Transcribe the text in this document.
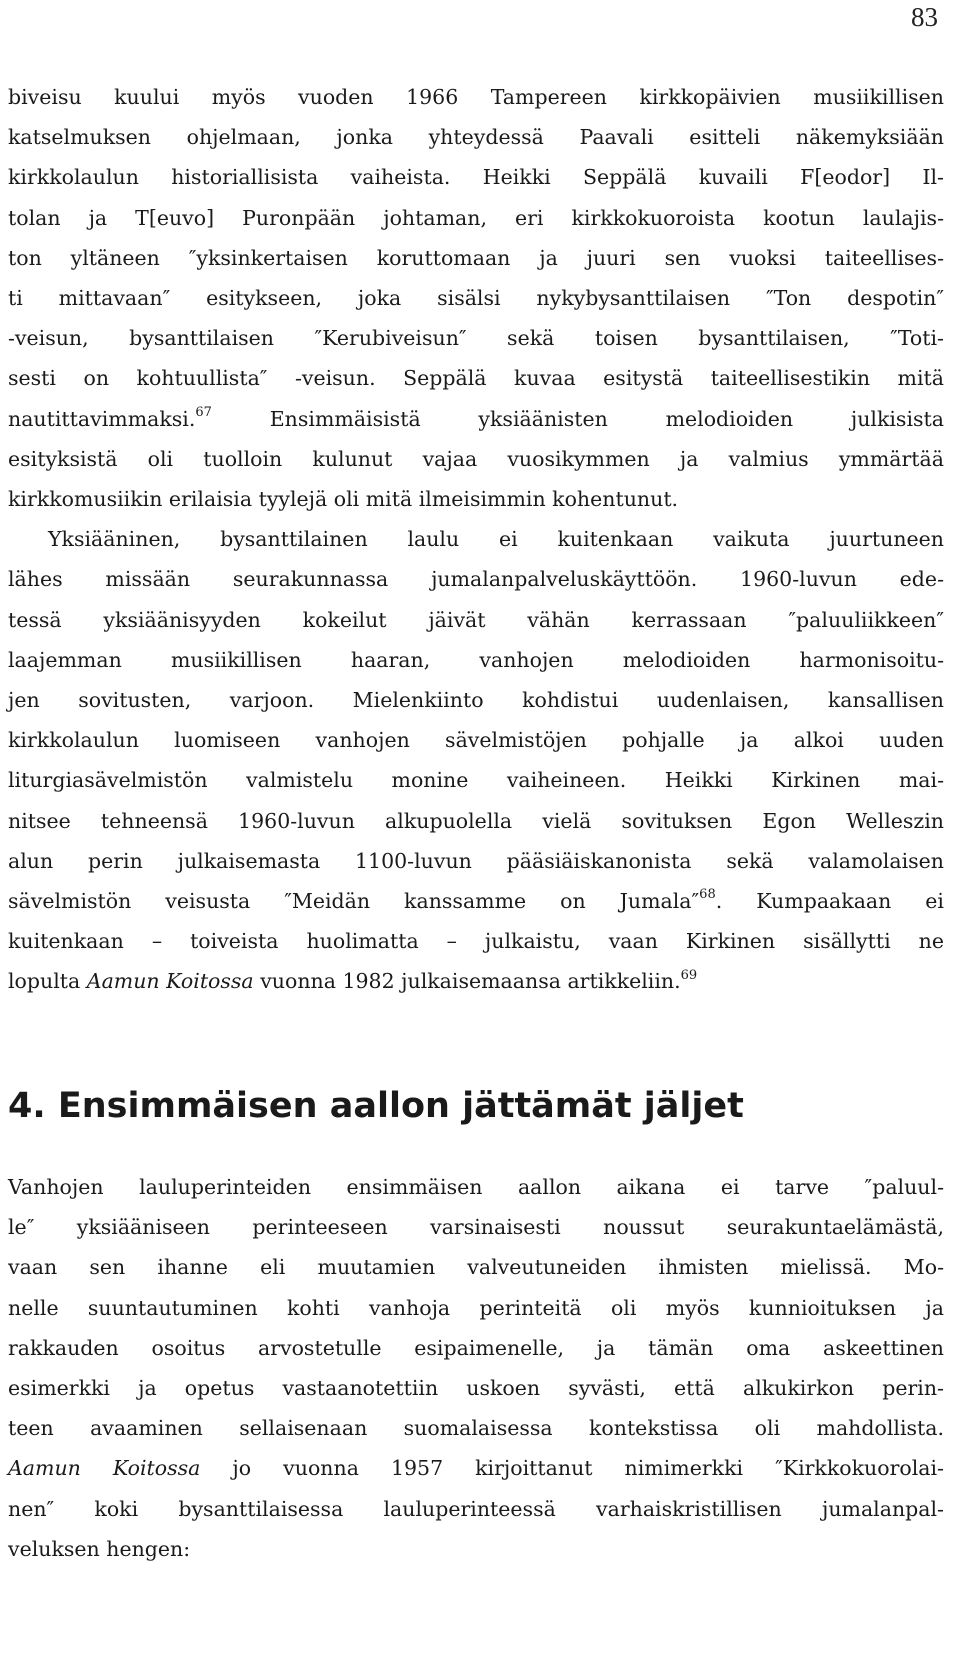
83

biveisu kuului myös vuoden 1966 Tampereen kirkkopäivien musiikillisen
katselmuksen ohjelmaan, jonka yhteydessä Paavali esitteli näkemyksiään
kirkkolaulun historiallisista vaiheista. Heikki Seppälä kuvaili F[eodor] Il-
tolan ja T[euvo] Puronpään johtaman, eri kirkkokuoroista kootun laulajis-
ton yltäneen ″yksinkertaisen koruttomaan ja juuri sen vuoksi taiteellises-
ti mittavaan″ esitykseen, joka sisälsi nykybysanttilaisen ″Ton despotin″
-veisun, bysanttilaisen ″Kerubiveisun″ sekä toisen bysanttilaisen, ″Toti-
sesti on kohtuullista″ -veisun. Seppälä kuvaa esitystä taiteellisestikin mitä
nautittavimmaksi.$^{67}$	Ensimmäisistä yksiäänisten melodioiden julkisista
esityksistä oli tuolloin kulunut vajaa vuosikymmen ja valmius ymmärtää
kirkkomusiikin erilaisia tyylejä oli mitä ilmeisimmin kohentunut.

Yksiääninen, bysanttilainen laulu ei kuitenkaan vaikuta juurtuneen
lähes missään seurakunnassa jumalanpalveluskäyttöön. 1960-luvun ede-
tessä yksiäänisyyden kokeilut jäivät vähän kerrassaan ″paluuliikkeen″
laajemman musiikillisen haaran, vanhojen melodioiden harmonisoitu-
jen sovitusten, varjoon. Mielenkiinto kohdistui uudenlaisen, kansallisen
kirkkolaulun luomiseen vanhojen sävelmistöjen pohjalle ja alkoi uuden
liturgiasävelmistön valmistelu monine vaiheineen. Heikki Kirkinen mai-
nitsee tehneensä 1960-luvun alkupuolella vielä sovituksen Egon Welleszin
alun perin julkaisemasta 1100-luvun pääsiäiskanonista sekä valamolaisen
sävelmistön veisusta ″Meidän kanssamme on Jumala″$^{68}$. Kumpaakaan ei
kuitenkaan – toiveista huolimatta – julkaistu, vaan Kirkinen sisällytti ne
lopulta Aamun Koitossa vuonna 1982 julkaisemaansa artikkeliin.$^{69}$

4. Ensimmäisen aallon jättämät jäljet

Vanhojen lauluperinteiden ensimmäisen aallon aikana ei tarve ″paluul-
le″ yksiääniseen perinteeseen varsinaisesti noussut seurakuntaelämästä,
vaan sen ihanne eli muutamien valveutuneiden ihmisten mielissä. Mo-
nelle suuntautuminen kohti vanhoja perinteitä oli myös kunnioituksen ja
rakkauden osoitus arvostetulle esipaimenelle, ja tämän oma askeettinen
esimerkki ja opetus vastaanotettiin uskoen syvästi, että alkukirkon perin-
teen avaaminen sellaisenaan suomalaisessa kontekstissa oli mahdollista.
Aamun Koitossa jo vuonna 1957 kirjoittanut nimimerkki ″Kirkkokuorolai-
nen″ koki bysanttilaisessa lauluperinteessä varhaiskristillisen jumalanpal-
veluksen hengen:
